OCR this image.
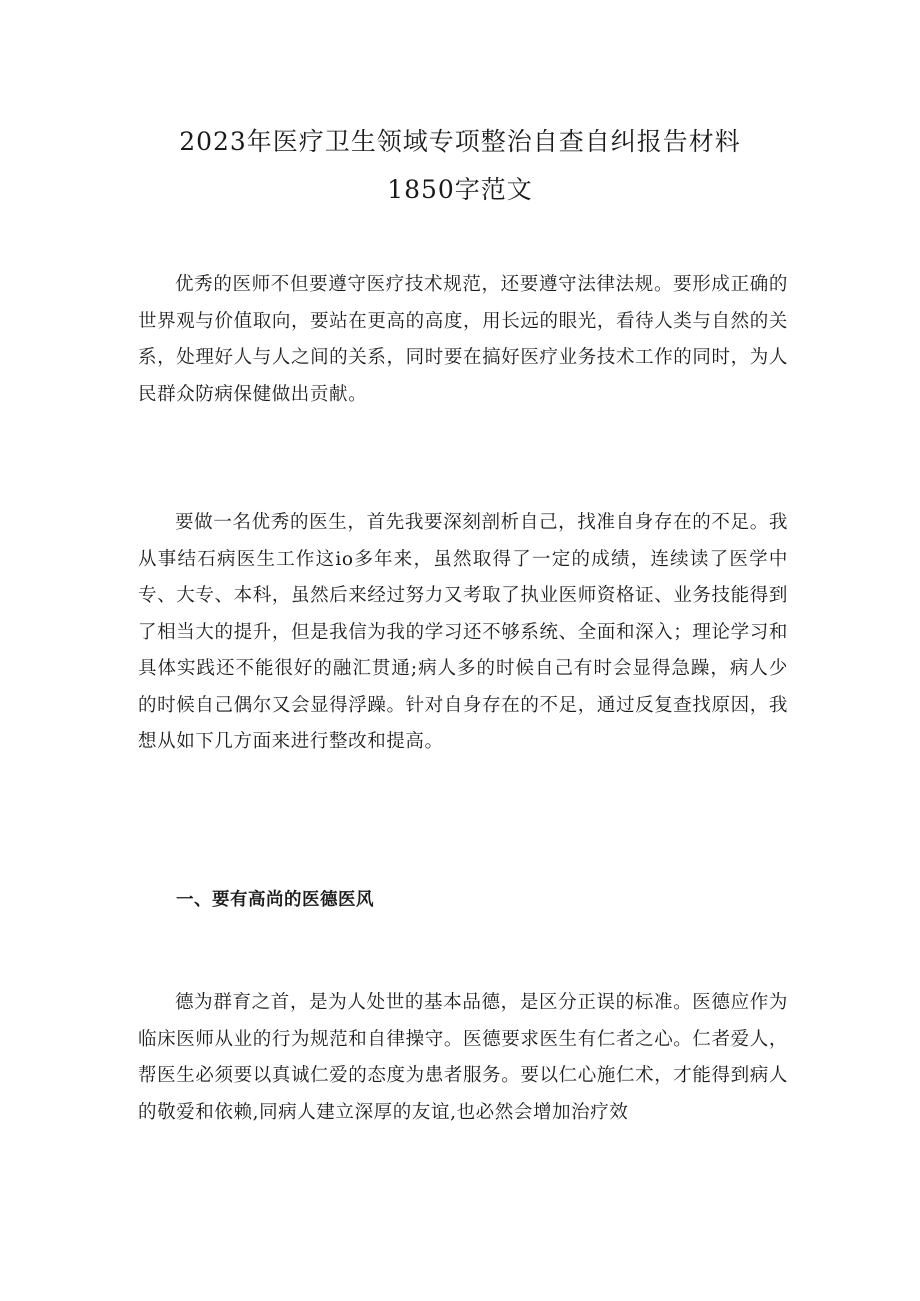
2023年医疗卫生领域专项整治自查自纠报告材料
1850字范文

优秀的医师不但要遵守医疗技术规范，还要遵守法律法规。要形成正确的世界观与价值取向，要站在更高的高度，用长远的眼光，看待人类与自然的关系，处理好人与人之间的关系，同时要在搞好医疗业务技术工作的同时，为人民群众防病保健做出贡献。

要做一名优秀的医生，首先我要深刻剖析自己，找准自身存在的不足。我从事结石病医生工作这io多年来，虽然取得了一定的成绩，连续读了医学中专、大专、本科，虽然后来经过努力又考取了执业医师资格证、业务技能得到了相当大的提升，但是我信为我的学习还不够系统、全面和深入；理论学习和具体实践还不能很好的融汇贯通;病人多的时候自己有时会显得急躁，病人少的时候自己偶尔又会显得浮躁。针对自身存在的不足，通过反复查找原因，我想从如下几方面来进行整改和提高。

一、要有高尚的医德医风

德为群育之首，是为人处世的基本品德，是区分正误的标准。医德应作为临床医师从业的行为规范和自律操守。医德要求医生有仁者之心。仁者爱人，帮医生必须要以真诚仁爱的态度为患者服务。要以仁心施仁术，才能得到病人的敬爱和依赖,同病人建立深厚的友谊,也必然会增加治疗效
